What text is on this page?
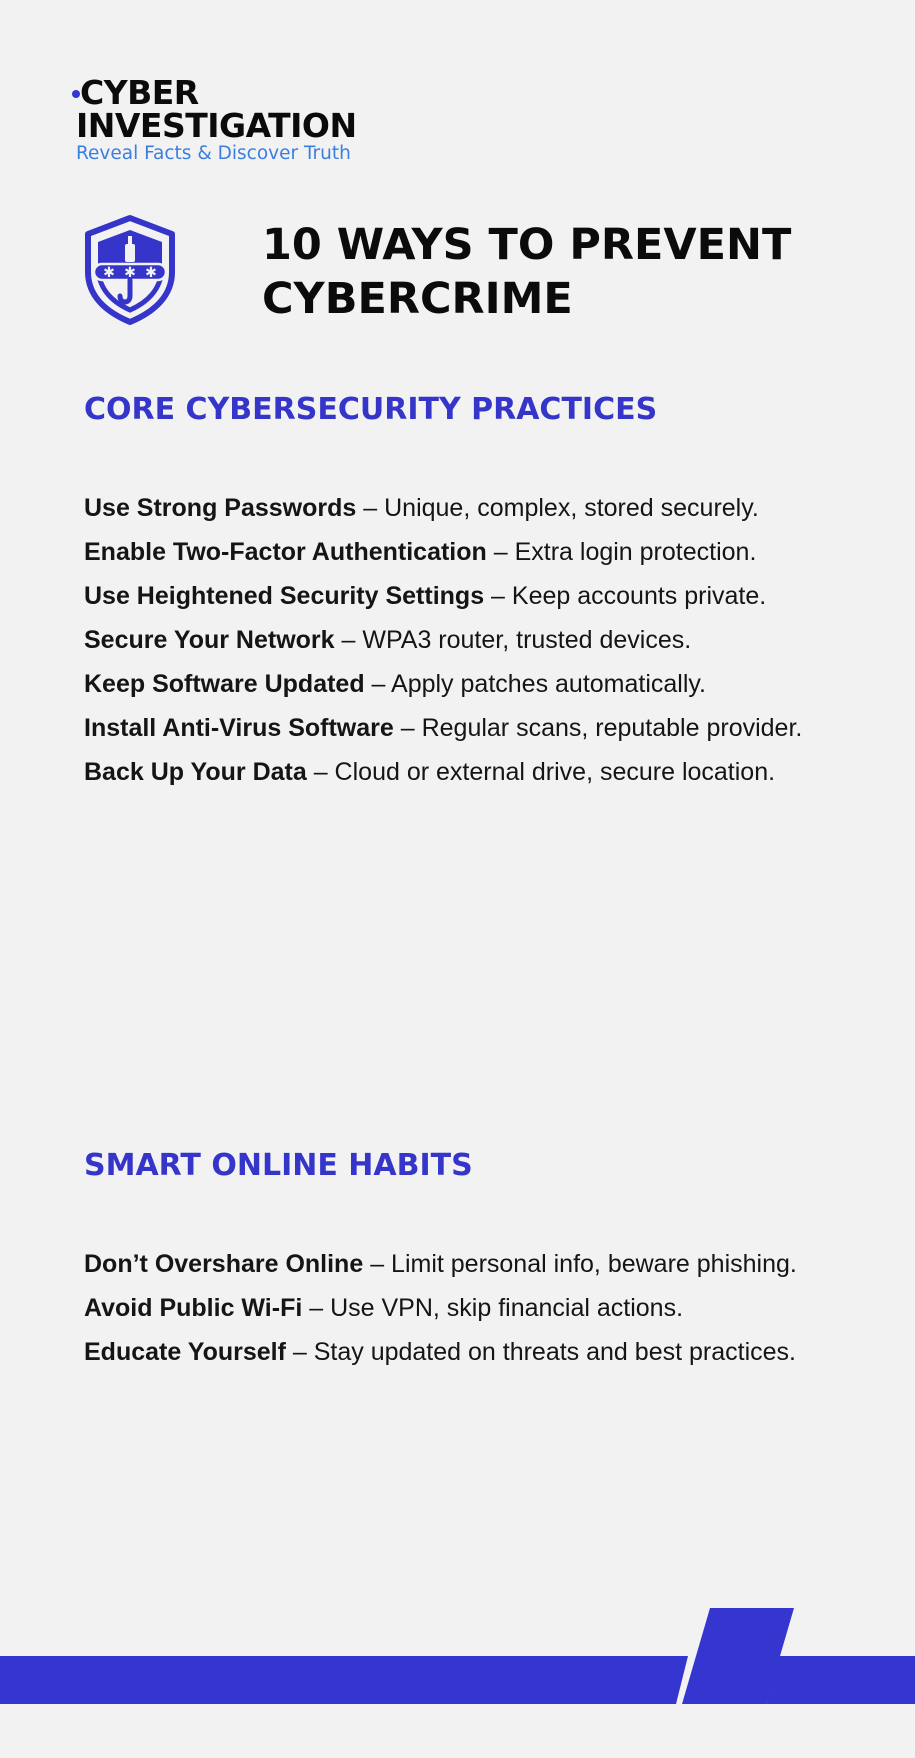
CYBER
INVESTIGATION
Reveal Facts & Discover Truth
✱ ✱ ✱
10 WAYS TO PREVENT
CYBERCRIME
CORE CYBERSECURITY PRACTICES

Use Strong Passwords – Unique, complex, stored securely.

Enable Two-Factor Authentication – Extra login protection.

Use Heightened Security Settings – Keep accounts private.

Secure Your Network – WPA3 router, trusted devices.

Keep Software Updated – Apply patches automatically.

Install Anti-Virus Software – Regular scans, reputable provider.

Back Up Your Data – Cloud or external drive, secure location.

SMART ONLINE HABITS

Don’t Overshare Online – Limit personal info, beware phishing.

Avoid Public Wi-Fi – Use VPN, skip financial actions.

Educate Yourself – Stay updated on threats and best practices.
